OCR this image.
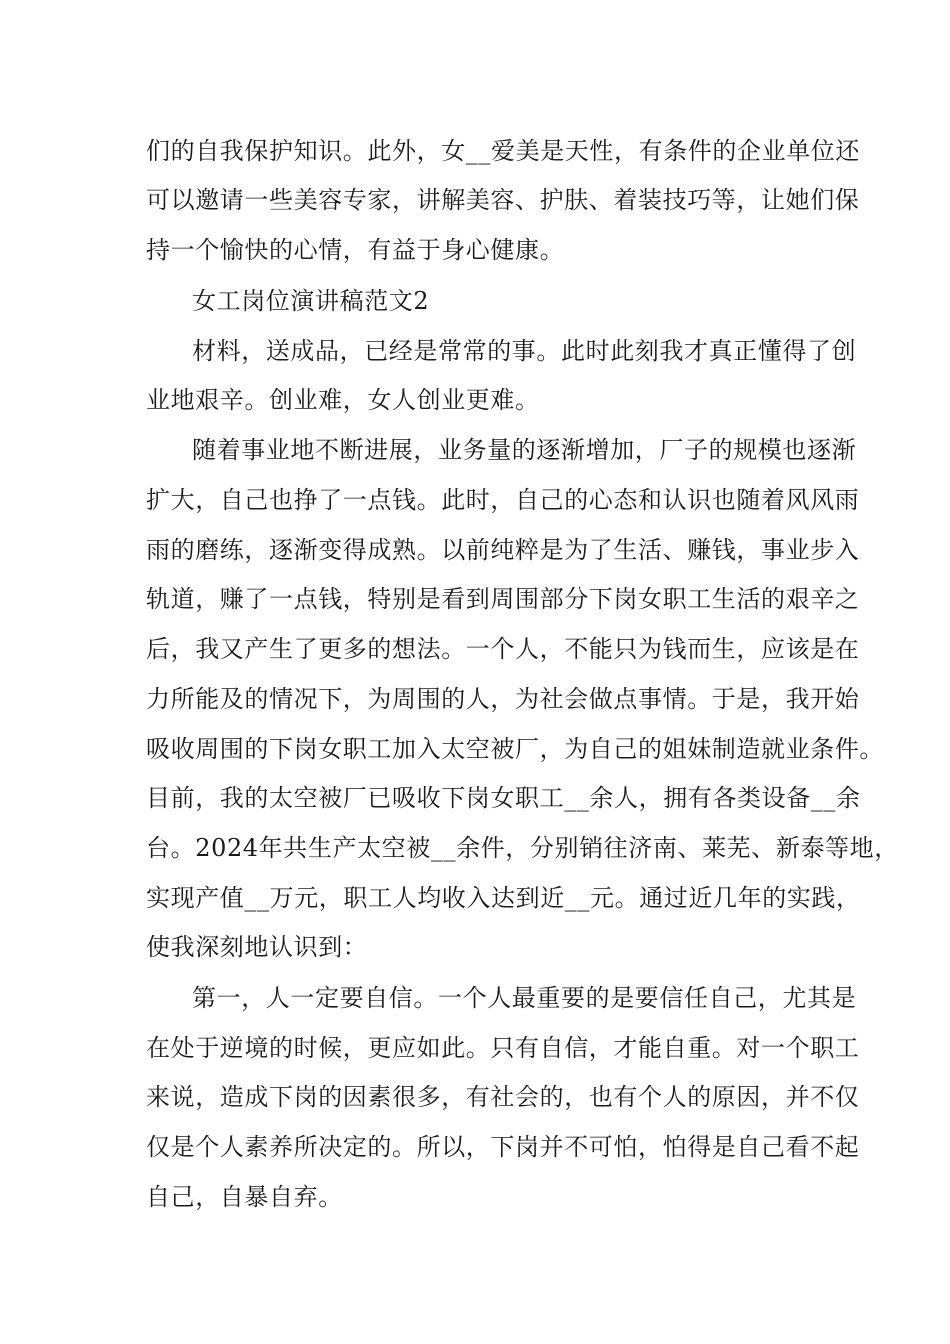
们的自我保护知识。此外，女__爱美是天性，有条件的企业单位还
可以邀请一些美容专家，讲解美容、护肤、着装技巧等，让她们保
持一个愉快的心情，有益于身心健康。
女工岗位演讲稿范文2
材料，送成品，已经是常常的事。此时此刻我才真正懂得了创
业地艰辛。创业难，女人创业更难。
随着事业地不断进展，业务量的逐渐增加，厂子的规模也逐渐
扩大，自己也挣了一点钱。此时，自己的心态和认识也随着风风雨
雨的磨练，逐渐变得成熟。以前纯粹是为了生活、赚钱，事业步入
轨道，赚了一点钱，特别是看到周围部分下岗女职工生活的艰辛之
后，我又产生了更多的想法。一个人，不能只为钱而生，应该是在
力所能及的情况下，为周围的人，为社会做点事情。于是，我开始
吸收周围的下岗女职工加入太空被厂，为自己的姐妹制造就业条件。
目前，我的太空被厂已吸收下岗女职工__余人，拥有各类设备__余
台。2024年共生产太空被__余件，分别销往济南、莱芜、新泰等地，
实现产值__万元，职工人均收入达到近__元。通过近几年的实践，
使我深刻地认识到：
第一，人一定要自信。一个人最重要的是要信任自己，尤其是
在处于逆境的时候，更应如此。只有自信，才能自重。对一个职工
来说，造成下岗的因素很多，有社会的，也有个人的原因，并不仅
仅是个人素养所决定的。所以，下岗并不可怕，怕得是自己看不起
自己，自暴自弃。
